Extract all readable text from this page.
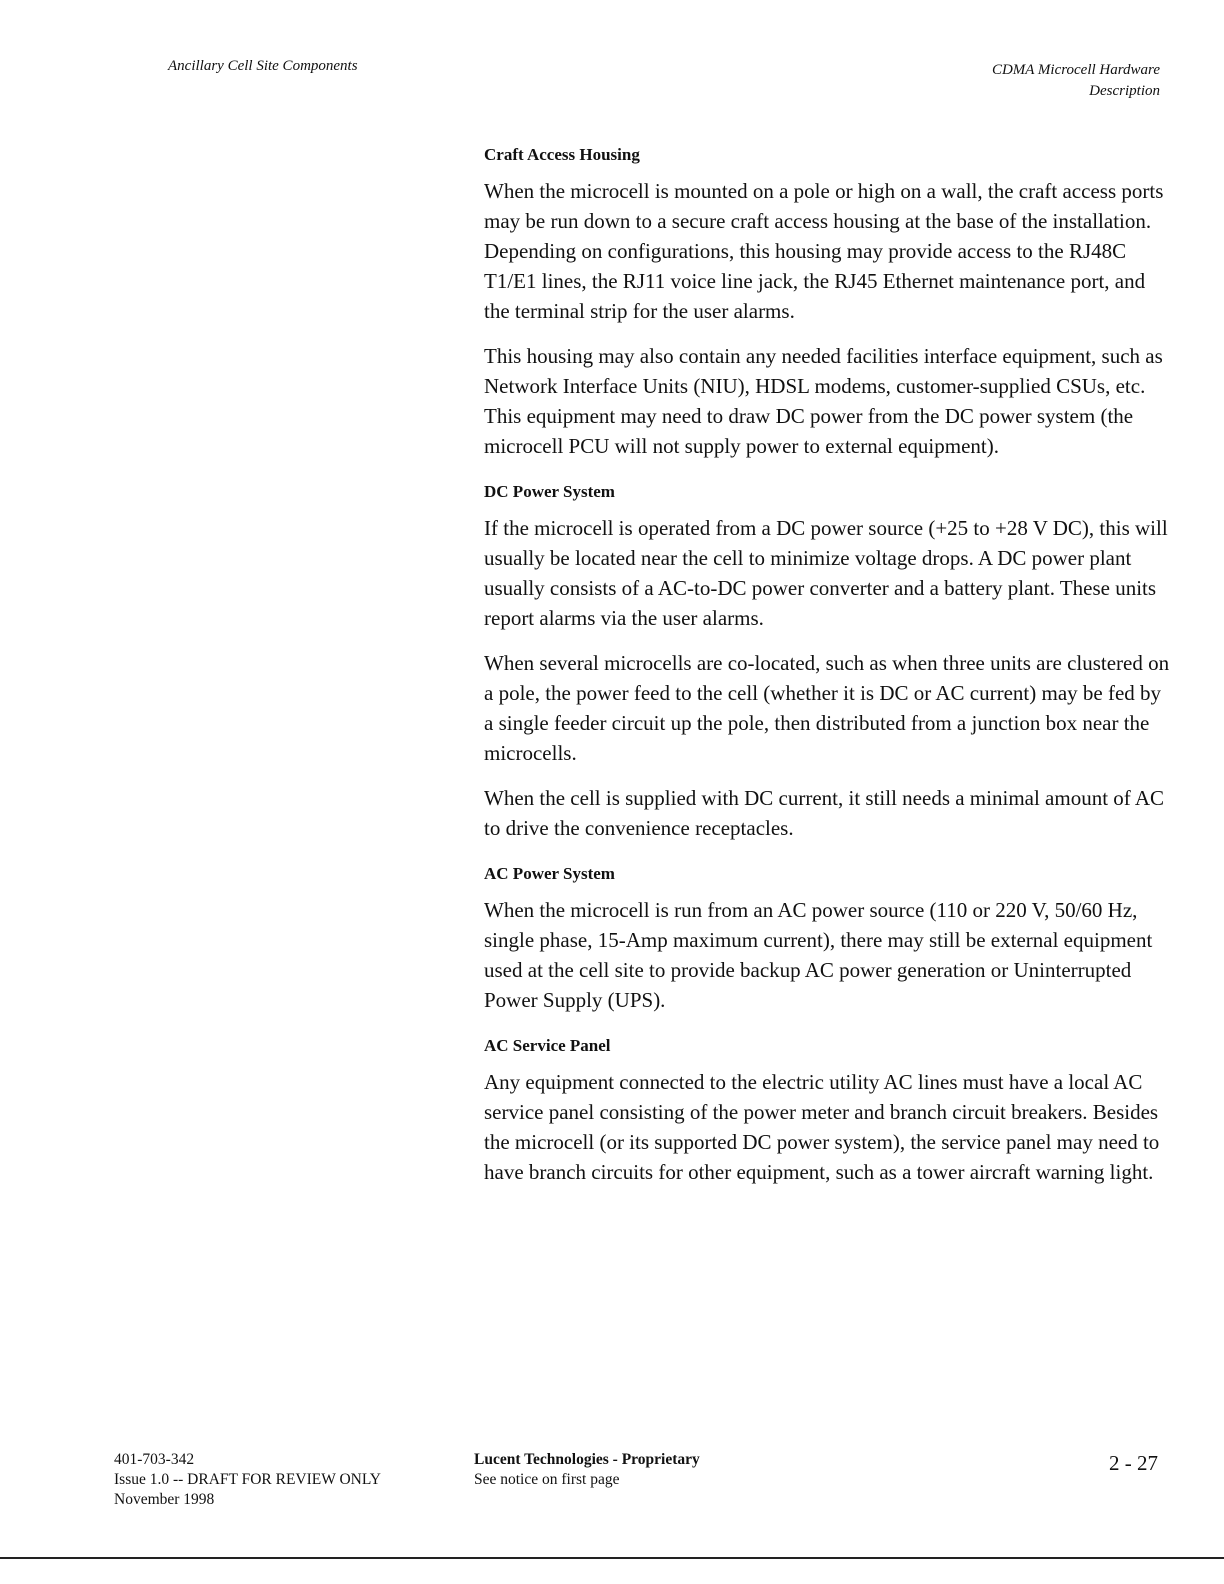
Ancillary Cell Site Components	CDMA Microcell Hardware
Description
Craft Access Housing

When the microcell is mounted on a pole or high on a wall, the craft access ports may be run down to a secure craft access housing at the base of the installation. Depending on configurations, this housing may provide access to the RJ48C T1/E1 lines, the RJ11 voice line jack, the RJ45 Ethernet maintenance port, and the terminal strip for the user alarms.

This housing may also contain any needed facilities interface equipment, such as Network Interface Units (NIU), HDSL modems, customer-supplied CSUs, etc. This equipment may need to draw DC power from the DC power system (the microcell PCU will not supply power to external equipment).

DC Power System

If the microcell is operated from a DC power source (+25 to +28 V DC), this will usually be located near the cell to minimize voltage drops. A DC power plant usually consists of a AC-to-DC power converter and a battery plant. These units report alarms via the user alarms.

When several microcells are co-located, such as when three units are clustered on a pole, the power feed to the cell (whether it is DC or AC current) may be fed by a single feeder circuit up the pole, then distributed from a junction box near the microcells.

When the cell is supplied with DC current, it still needs a minimal amount of AC to drive the convenience receptacles.

AC Power System

When the microcell is run from an AC power source (110 or 220 V, 50/60 Hz, single phase, 15-Amp maximum current), there may still be external equipment used at the cell site to provide backup AC power generation or Uninterrupted Power Supply (UPS).

AC Service Panel

Any equipment connected to the electric utility AC lines must have a local AC service panel consisting of the power meter and branch circuit breakers. Besides the microcell (or its supported DC power system), the service panel may need to have branch circuits for other equipment, such as a tower aircraft warning light.

401-703-342
Issue 1.0 -- DRAFT FOR REVIEW ONLY
November 1998
Lucent Technologies - Proprietary
See notice on first page
2 - 27
